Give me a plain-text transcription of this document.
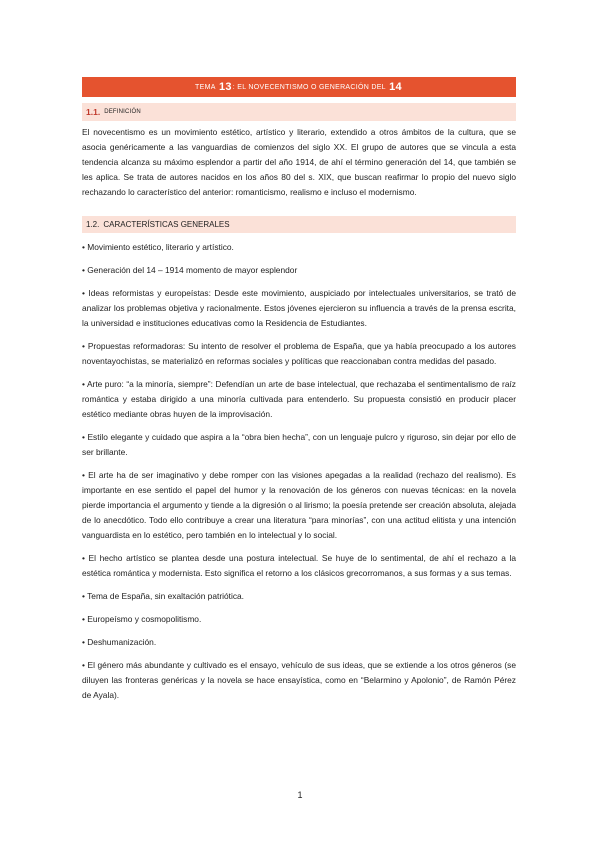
TEMA
13 : EL NOVECENTISMO O GENERACIÓN DEL
14
1.1. DEFINICIÓN

El novecentismo es un movimiento estético, artístico y literario, extendido a otros ámbitos de la cultura, que se asocia genéricamente a las vanguardias de comienzos del siglo XX. El grupo de autores que se vincula a esta tendencia alcanza su máximo esplendor a partir del año 1914, de ahí el término generación del 14, que también se les aplica. Se trata de autores nacidos en los años 80 del s. XIX, que buscan reafirmar lo propio del nuevo siglo rechazando lo característico del anterior: romanticismo, realismo e incluso el modernismo.

1.2. CARACTERÍSTICAS GENERALES

• Movimiento estético, literario y artístico.

• Generación del 14 – 1914 momento de mayor esplendor

• Ideas reformistas y europeístas: Desde este movimiento, auspiciado por intelectuales universitarios, se trató de analizar los problemas objetiva y racionalmente. Estos jóvenes ejercieron su influencia a través de la prensa escrita, la universidad e instituciones educativas como la Residencia de Estudiantes.

• Propuestas reformadoras: Su intento de resolver el problema de España, que ya había preocupado a los autores noventayochistas, se materializó en reformas sociales y políticas que reaccionaban contra medidas del pasado.

• Arte puro: “a la minoría, siempre”: Defendían un arte de base intelectual, que rechazaba el sentimentalismo de raíz romántica y estaba dirigido a una minoría cultivada para entenderlo. Su propuesta consistió en producir placer estético mediante obras huyen de la improvisación.

• Estilo elegante y cuidado que aspira a la “obra bien hecha”, con un lenguaje pulcro y riguroso, sin dejar por ello de ser brillante.

• El arte ha de ser imaginativo y debe romper con las visiones apegadas a la realidad (rechazo del realismo). Es importante en ese sentido el papel del humor y la renovación de los géneros con nuevas técnicas: en la novela pierde importancia el argumento y tiende a la digresión o al lirismo; la poesía pretende ser creación absoluta, alejada de lo anecdótico. Todo ello contribuye a crear una literatura “para minorías”, con una actitud elitista y una intención vanguardista en lo estético, pero también en lo intelectual y lo social.

• El hecho artístico se plantea desde una postura intelectual. Se huye de lo sentimental, de ahí el rechazo a la estética romántica y modernista. Esto significa el retorno a los clásicos grecorromanos, a sus formas y a sus temas.

• Tema de España, sin exaltación patriótica.

• Europeísmo y cosmopolitismo.

• Deshumanización.

• El género más abundante y cultivado es el ensayo, vehículo de sus ideas, que se extiende a los otros géneros (se diluyen las fronteras genéricas y la novela se hace ensayística, como en “Belarmino y Apolonio”, de Ramón Pérez de Ayala).

1
